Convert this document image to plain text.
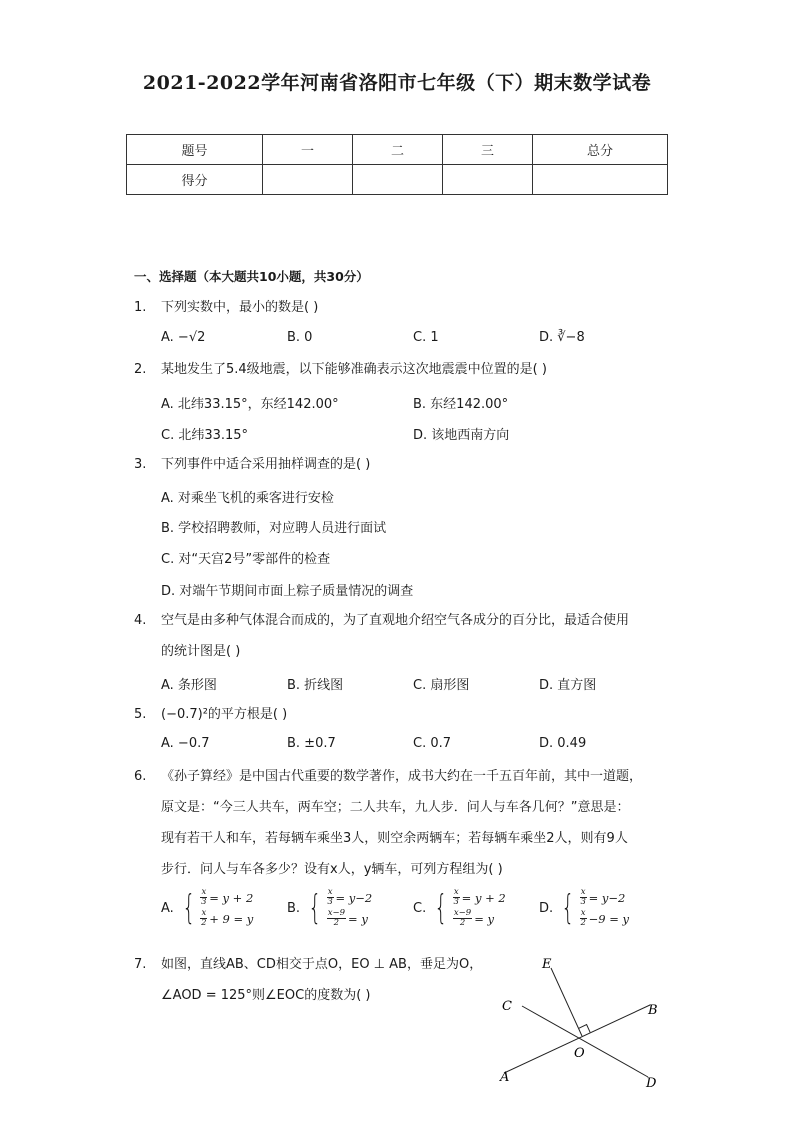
2021-2022学年河南省洛阳市七年级（下）期末数学试卷
题号	一	二	三	总分
得分				
一、选择题（本大题共10小题，共30分）
1. 下列实数中，最小的数是( )
A. −√2	B. 0	C. 1	D. ∛−8
2. 某地发生了5.4级地震，以下能够准确表示这次地震震中位置的是( )
A. 北纬33.15°，东经142.00°	B. 东经142.00°
C. 北纬33.15°	D. 该地西南方向
3. 下列事件中适合采用抽样调查的是( )
A. 对乘坐飞机的乘客进行安检
B. 学校招聘教师，对应聘人员进行面试
C. 对“天宫2号”零部件的检查
D. 对端午节期间市面上粽子质量情况的调查
4. 空气是由多种气体混合而成的，为了直观地介绍空气各成分的百分比，最适合使用
的统计图是( )
A. 条形图	B. 折线图	C. 扇形图	D. 直方图
5. (−0.7)²的平方根是( )
A. −0.7	B. ±0.7	C. 0.7	D. 0.49
6. 《孙子算经》是中国古代重要的数学著作，成书大约在一千五百年前，其中一道题，
原文是：“今三人共车，两车空；二人共车，九人步．问人与车各几何？”意思是：
现有若干人和车，若每辆车乘坐3人，则空余两辆车；若每辆车乘坐2人，则有9人
步行．问人与车各多少？设有x人，y辆车，可列方程组为( )
A. { $\frac{x}{3} = y + 2$
$\frac{x}{2} + 9 = y$
B. { $\frac{x}{3} = y-2$
$\frac{x-9}{2} = y$
C. { $\frac{x}{3} = y + 2$
$\frac{x-9}{2} = y$
D. { $\frac{x}{3} = y-2$
$\frac{x}{2} -9 = y$
7. 如图，直线AB、CD相交于点O，EO ⊥ AB，垂足为O，
∠AOD = 125°则∠EOC的度数为( )
E
C	B
O
A	D
